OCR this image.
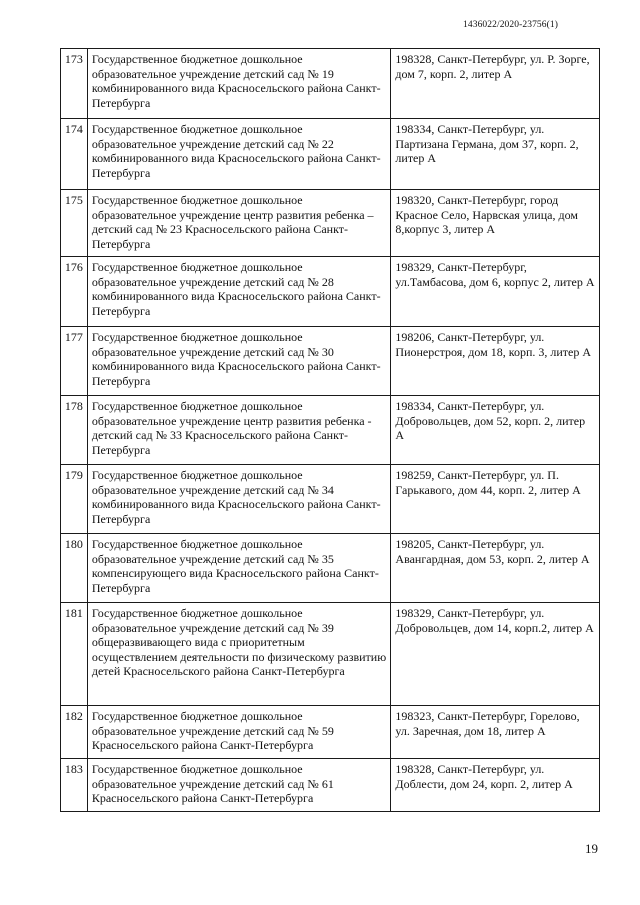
1436022/2020-23756(1)
173	Государственное бюджетное дошкольное образовательное учреждение детский сад № 19 комбинированного вида Красносельского района Санкт-Петербурга	198328, Санкт-Петербург, ул. Р. Зорге, дом 7, корп. 2, литер А
174	Государственное бюджетное дошкольное образовательное учреждение детский сад № 22 комбинированного вида Красносельского района Санкт-Петербурга	198334, Санкт-Петербург, ул. Партизана Германа, дом 37, корп. 2, литер А
175	Государственное бюджетное дошкольное образовательное учреждение центр развития ребенка – детский сад № 23 Красносельского района Санкт-Петербурга	198320, Санкт-Петербург, город Красное Село, Нарвская улица, дом 8,корпус 3, литер А
176	Государственное бюджетное дошкольное образовательное учреждение детский сад № 28 комбинированного вида Красносельского района Санкт-Петербурга	198329, Санкт-Петербург, ул.Тамбасова, дом 6, корпус 2, литер А
177	Государственное бюджетное дошкольное образовательное учреждение детский сад № 30 комбинированного вида Красносельского района Санкт-Петербурга	198206, Санкт-Петербург, ул. Пионерстроя, дом 18, корп. 3, литер А
178	Государственное бюджетное дошкольное образовательное учреждение центр развития ребенка - детский сад № 33 Красносельского района Санкт-Петербурга	198334, Санкт-Петербург, ул. Добровольцев, дом 52, корп. 2, литер А
179	Государственное бюджетное дошкольное образовательное учреждение детский сад № 34 комбинированного вида Красносельского района Санкт-Петербурга	198259, Санкт-Петербург, ул. П. Гарькавого, дом 44, корп. 2, литер А
180	Государственное бюджетное дошкольное образовательное учреждение детский сад № 35 компенсирующего вида Красносельского района Санкт-Петербурга	198205, Санкт-Петербург, ул. Авангардная, дом 53, корп. 2, литер А
181	Государственное бюджетное дошкольное образовательное учреждение детский сад № 39 общеразвивающего вида с приоритетным осуществлением деятельности по физическому развитию детей Красносельского района Санкт-Петербурга	198329, Санкт-Петербург, ул. Добровольцев, дом 14, корп.2, литер А
182	Государственное бюджетное дошкольное образовательное учреждение детский сад № 59 Красносельского района Санкт-Петербурга	198323, Санкт-Петербург, Горелово, ул. Заречная, дом 18, литер А
183	Государственное бюджетное дошкольное образовательное учреждение детский сад № 61 Красносельского района Санкт-Петербурга	198328, Санкт-Петербург, ул. Доблести, дом 24, корп. 2, литер А
19
